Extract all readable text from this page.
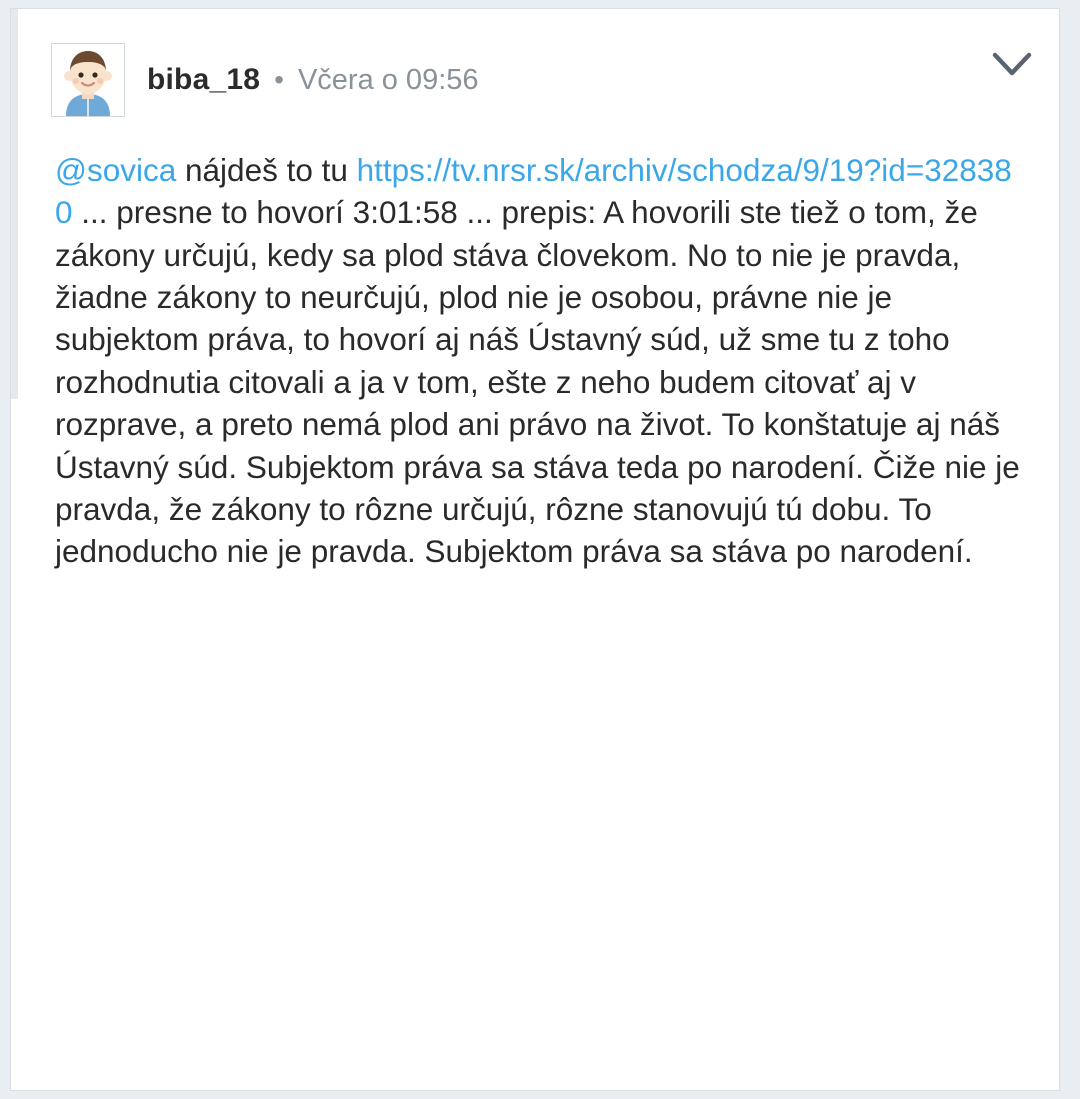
biba_18 • Včera o 09:56
@sovica nájdeš to tu https://tv.nrsr.sk/archiv/schodza/9/19?id=328380 ... presne to hovorí 3:01:58 ... prepis: A hovorili ste tiež o tom, že zákony určujú, kedy sa plod stáva človekom. No to nie je pravda, žiadne zákony to neurčujú, plod nie je osobou, právne nie je subjektom práva, to hovorí aj náš Ústavný súd, už sme tu z toho rozhodnutia citovali a ja v tom, ešte z neho budem citovať aj v rozprave, a preto nemá plod ani právo na život. To konštatuje aj náš Ústavný súd. Subjektom práva sa stáva teda po narodení. Čiže nie je pravda, že zákony to rôzne určujú, rôzne stanovujú tú dobu. To jednoducho nie je pravda. Subjektom práva sa stáva po narodení.
